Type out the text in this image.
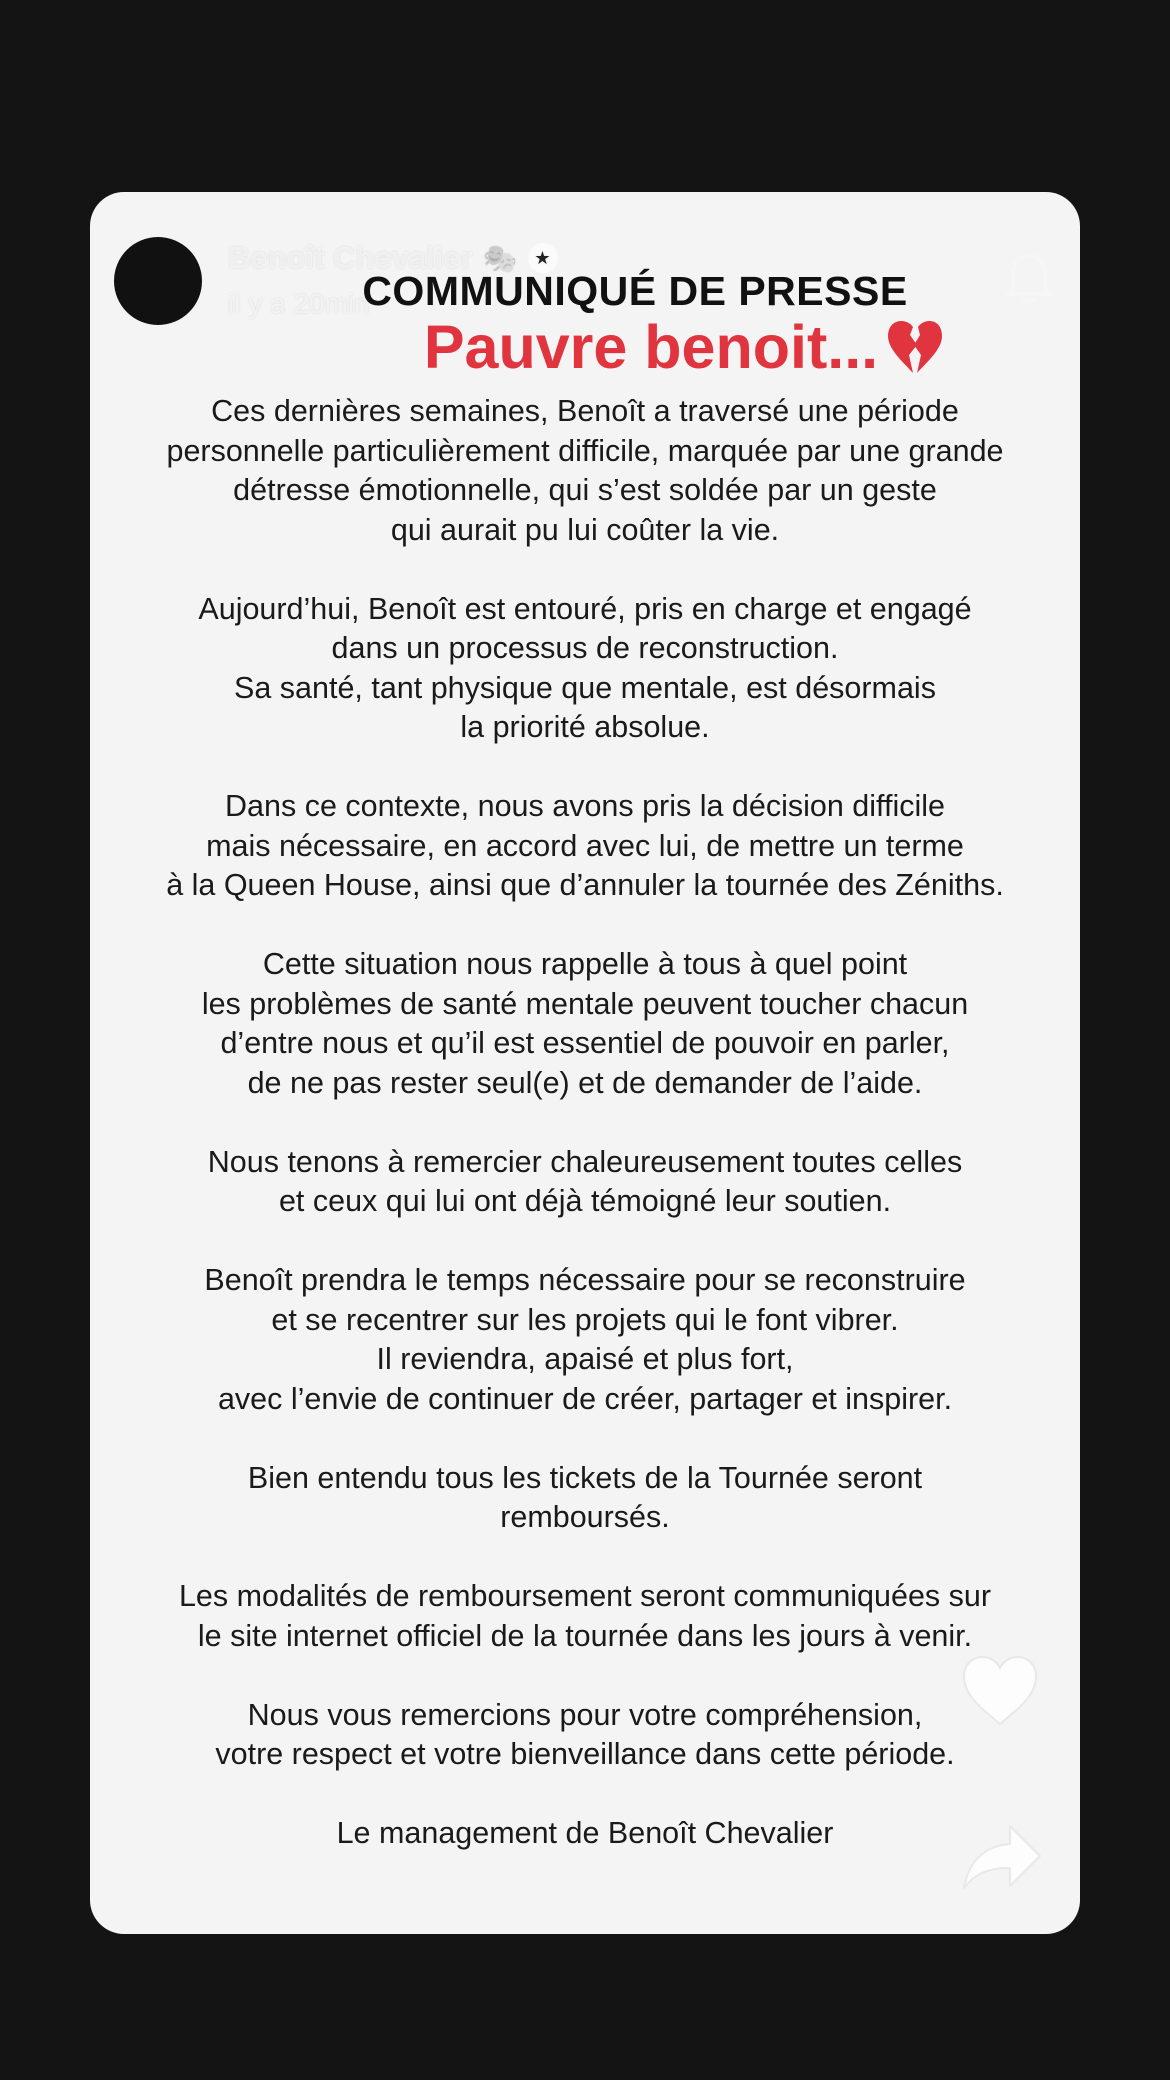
Benoît Chevalier 🎭 ★
il y a 20min
COMMUNIQUÉ DE PRESSE
Pauvre benoit...
Ces dernières semaines, Benoît a traversé une période
personnelle particulièrement difficile, marquée par une grande
détresse émotionnelle, qui s’est soldée par un geste
qui aurait pu lui coûter la vie.
Aujourd’hui, Benoît est entouré, pris en charge et engagé
dans un processus de reconstruction.
Sa santé, tant physique que mentale, est désormais
la priorité absolue.
Dans ce contexte, nous avons pris la décision difficile
mais nécessaire, en accord avec lui, de mettre un terme
à la Queen House, ainsi que d’annuler la tournée des Zéniths.
Cette situation nous rappelle à tous à quel point
les problèmes de santé mentale peuvent toucher chacun
d’entre nous et qu’il est essentiel de pouvoir en parler,
de ne pas rester seul(e) et de demander de l’aide.
Nous tenons à remercier chaleureusement toutes celles
et ceux qui lui ont déjà témoigné leur soutien.
Benoît prendra le temps nécessaire pour se reconstruire
et se recentrer sur les projets qui le font vibrer.
Il reviendra, apaisé et plus fort,
avec l’envie de continuer de créer, partager et inspirer.
Bien entendu tous les tickets de la Tournée seront
remboursés.
Les modalités de remboursement seront communiquées sur
le site internet officiel de la tournée dans les jours à venir.
Nous vous remercions pour votre compréhension,
votre respect et votre bienveillance dans cette période.
Le management de Benoît Chevalier
